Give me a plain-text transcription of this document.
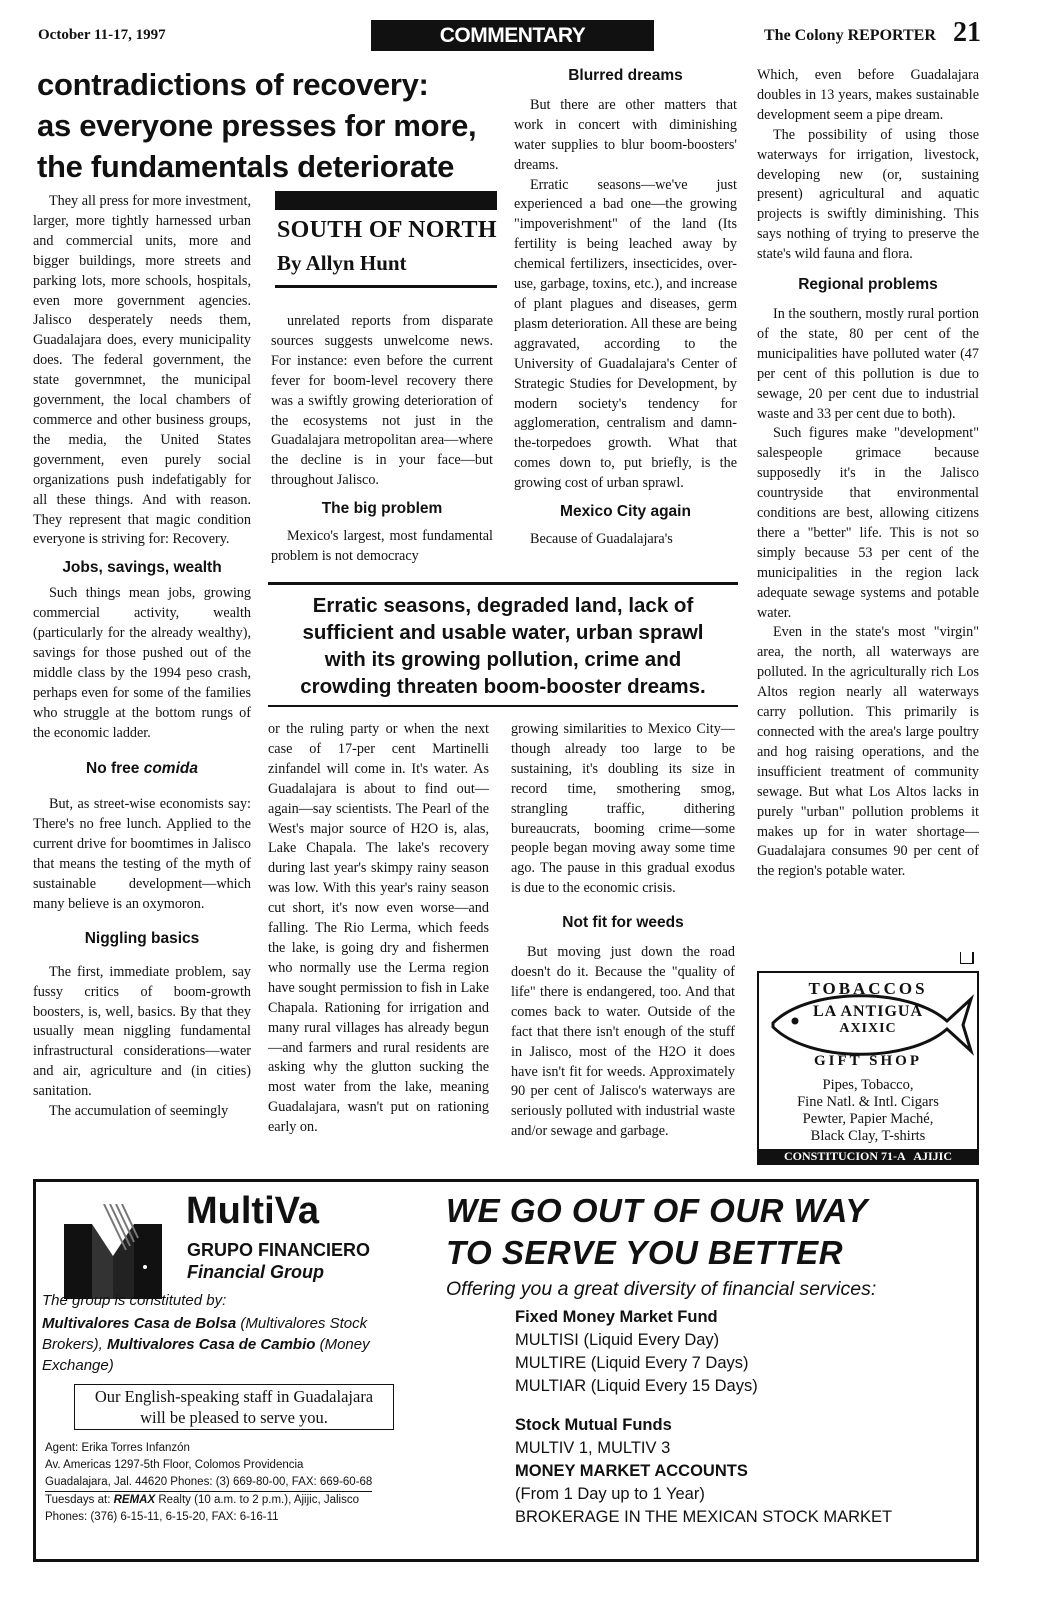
October 11-17, 1997	COMMENTARY	The Colony REPORTER 21
contradictions of recovery:
as everyone presses for more,
the fundamentals deteriorate
SOUTH OF NORTH
By Allyn Hunt

They all press for more investment, larger, more tightly harnessed urban and commercial units, more and bigger buildings, more streets and parking lots, more schools, hospitals, even more government agencies. Jalisco desperately needs them, Guadalajara does, every municipality does. The federal government, the state governmnet, the municipal government, the local chambers of commerce and other business groups, the media, the United States government, even purely social organizations push indefatigably for all these things. And with reason. They represent that magic condition everyone is striving for: Recovery.

Jobs, savings, wealth

Such things mean jobs, growing commercial activity, wealth (particularly for the already wealthy), savings for those pushed out of the middle class by the 1994 peso crash, perhaps even for some of the families who struggle at the bottom rungs of the economic ladder.

No free comida

But, as street-wise economists say: There's no free lunch. Applied to the current drive for boomtimes in Jalisco that means the testing of the myth of sustainable development—which many believe is an oxymoron.

Niggling basics

The first, immediate problem, say fussy critics of boom-growth boosters, is, well, basics. By that they usually mean niggling fundamental infrastructural considerations—water and air, agriculture and (in cities) sanitation.

The accumulation of seemingly

unrelated reports from disparate sources suggests unwelcome news. For instance: even before the current fever for boom-level recovery there was a swiftly growing deterioration of the ecosystems not just in the Guadalajara metropolitan area—where the decline is in your face—but throughout Jalisco.

The big problem

Mexico's largest, most fundamental problem is not democracy

Blurred dreams

But there are other matters that work in concert with diminishing water supplies to blur boom-boosters' dreams.

Erratic seasons—we've just experienced a bad one—the growing "impoverishment" of the land (Its fertility is being leached away by chemical fertilizers, insecticides, over-use, garbage, toxins, etc.), and increase of plant plagues and diseases, germ plasm deterioration. All these are being aggravated, according to the University of Guadalajara's Center of Strategic Studies for Development, by modern society's tendency for agglomeration, centralism and damn-the-torpedoes growth. What that comes down to, put briefly, is the growing cost of urban sprawl.

Mexico City again

Because of Guadalajara's

Erratic seasons, degraded land, lack of
sufficient and usable water, urban sprawl
with its growing pollution, crime and
crowding threaten boom-booster dreams.

or the ruling party or when the next case of 17-per cent Martinelli zinfandel will come in. It's water. As Guadalajara is about to find out—again—say scientists. The Pearl of the West's major source of H2O is, alas, Lake Chapala. The lake's recovery during last year's skimpy rainy season was low. With this year's rainy season cut short, it's now even worse—and falling. The Rio Lerma, which feeds the lake, is going dry and fishermen who normally use the Lerma region have sought permission to fish in Lake Chapala. Rationing for irrigation and many rural villages has already begun—and farmers and rural residents are asking why the glutton sucking the most water from the lake, meaning Guadalajara, wasn't put on rationing early on.

growing similarities to Mexico City—though already too large to be sustaining, it's doubling its size in record time, smothering smog, strangling traffic, dithering bureaucrats, booming crime—some people began moving away some time ago. The pause in this gradual exodus is due to the economic crisis.

Not fit for weeds

But moving just down the road doesn't do it. Because the "quality of life" there is endangered, too. And that comes back to water. Outside of the fact that there isn't enough of the stuff in Jalisco, most of the H2O it does have isn't fit for weeds. Approximately 90 per cent of Jalisco's waterways are seriously polluted with industrial waste and/or sewage and garbage.

Which, even before Guadalajara doubles in 13 years, makes sustainable development seem a pipe dream.

The possibility of using those waterways for irrigation, livestock, developing new (or, sustaining present) agricultural and aquatic projects is swiftly diminishing. This says nothing of trying to preserve the state's wild fauna and flora.

Regional problems

In the southern, mostly rural portion of the state, 80 per cent of the municipalities have polluted water (47 per cent of this pollution is due to sewage, 20 per cent due to industrial waste and 33 per cent due to both).

Such figures make "development" salespeople grimace because supposedly it's in the Jalisco countryside that environmental conditions are best, allowing citizens there a "better" life. This is not so simply because 53 per cent of the municipalities in the region lack adequate sewage systems and potable water.

Even in the state's most "virgin" area, the north, all waterways are polluted. In the agriculturally rich Los Altos region nearly all waterways carry pollution. This primarily is connected with the area's large poultry and hog raising operations, and the insufficient treatment of community sewage. But what Los Altos lacks in purely "urban" pollution problems it makes up for in water shortage—Guadalajara consumes 90 per cent of the region's potable water.

TOBACCOS
LA ANTIGUA
AXIXIC
GIFT SHOP
Pipes, Tobacco,
Fine Natl. & Intl. Cigars
Pewter, Papier Maché,
Black Clay, T-shirts
CONSTITUCION 71-A   AJIJIC
MultiVa
GRUPO FINANCIERO
Financial Group
The group is constituted by:
Multivalores Casa de Bolsa (Multivalores Stock Brokers), Multivalores Casa de Cambio (Money Exchange)
Our English-speaking staff in Guadalajara
will be pleased to serve you.
Agent: Erika Torres Infanzón
Av. Americas 1297-5th Floor, Colomos Providencia
Guadalajara, Jal. 44620 Phones: (3) 669-80-00, FAX: 669-60-68
Tuesdays at: REMAX Realty (10 a.m. to 2 p.m.), Ajijic, Jalisco
Phones: (376) 6-15-11, 6-15-20, FAX: 6-16-11
WE GO OUT OF OUR WAY
TO SERVE YOU BETTER
Offering you a great diversity of financial services:
Fixed Money Market Fund
MULTISI (Liquid Every Day)
MULTIRE (Liquid Every 7 Days)
MULTIAR (Liquid Every 15 Days)
Stock Mutual Funds
MULTIV 1, MULTIV 3
MONEY MARKET ACCOUNTS
(From 1 Day up to 1 Year)
BROKERAGE IN THE MEXICAN STOCK MARKET
